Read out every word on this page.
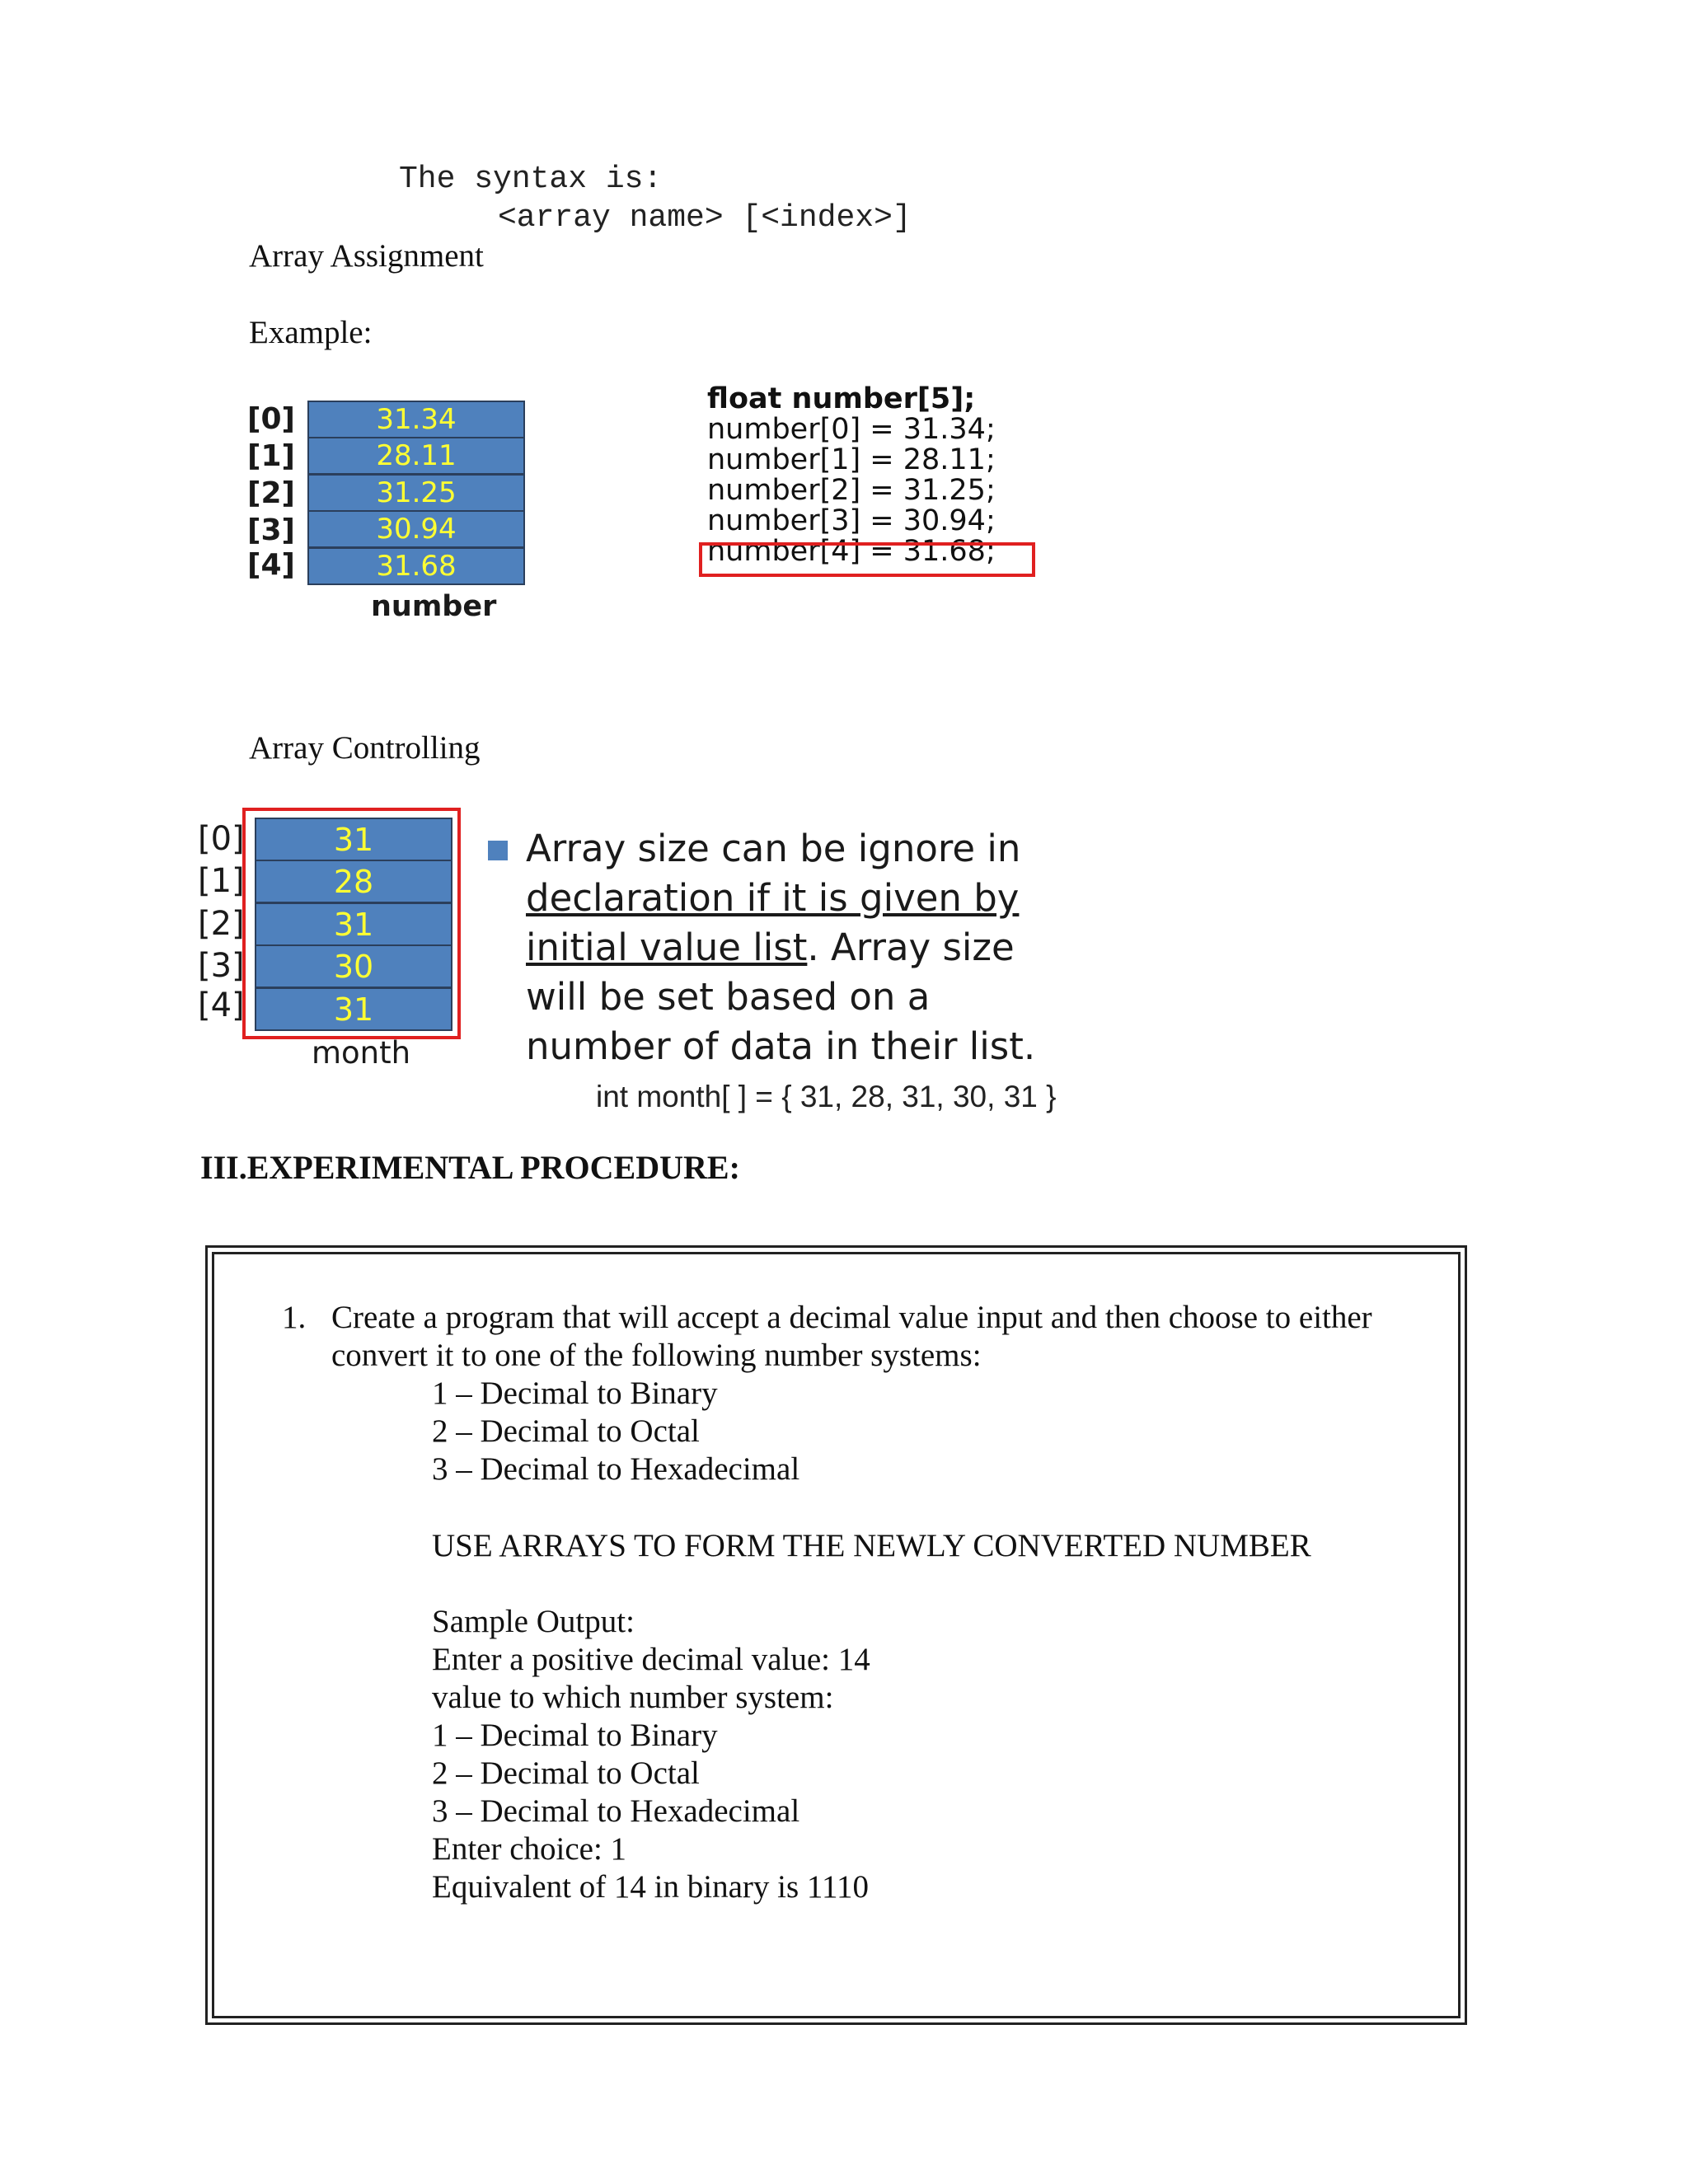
The syntax is:
<array name> [<index>]
Array Assignment
Example:
[0]
[1]
[2]
[3]
[4]
31.34
28.11
31.25
30.94
31.68
number
float number[5];
number[0] = 31.34;
number[1] = 28.11;
number[2] = 31.25;
number[3] = 30.94;
number[4] = 31.68;
Array Controlling
[0]
[1]
[2]
[3]
[4]
31
28
31
30
31
month
Array size can be ignore in
declaration if it is given by
initial value list. Array size
will be set based on a
number of data in their list.
int month[ ] = { 31, 28, 31, 30, 31 }
III.EXPERIMENTAL PROCEDURE:
1. Create a program that will accept a decimal value input and then choose to either
convert it to one of the following number systems:
1 – Decimal to Binary
2 – Decimal to Octal
3 – Decimal to Hexadecimal
USE ARRAYS TO FORM THE NEWLY CONVERTED NUMBER
Sample Output:
Enter a positive decimal value: 14
value to which number system:
1 – Decimal to Binary
2 – Decimal to Octal
3 – Decimal to Hexadecimal
Enter choice: 1
Equivalent of 14 in binary is 1110
